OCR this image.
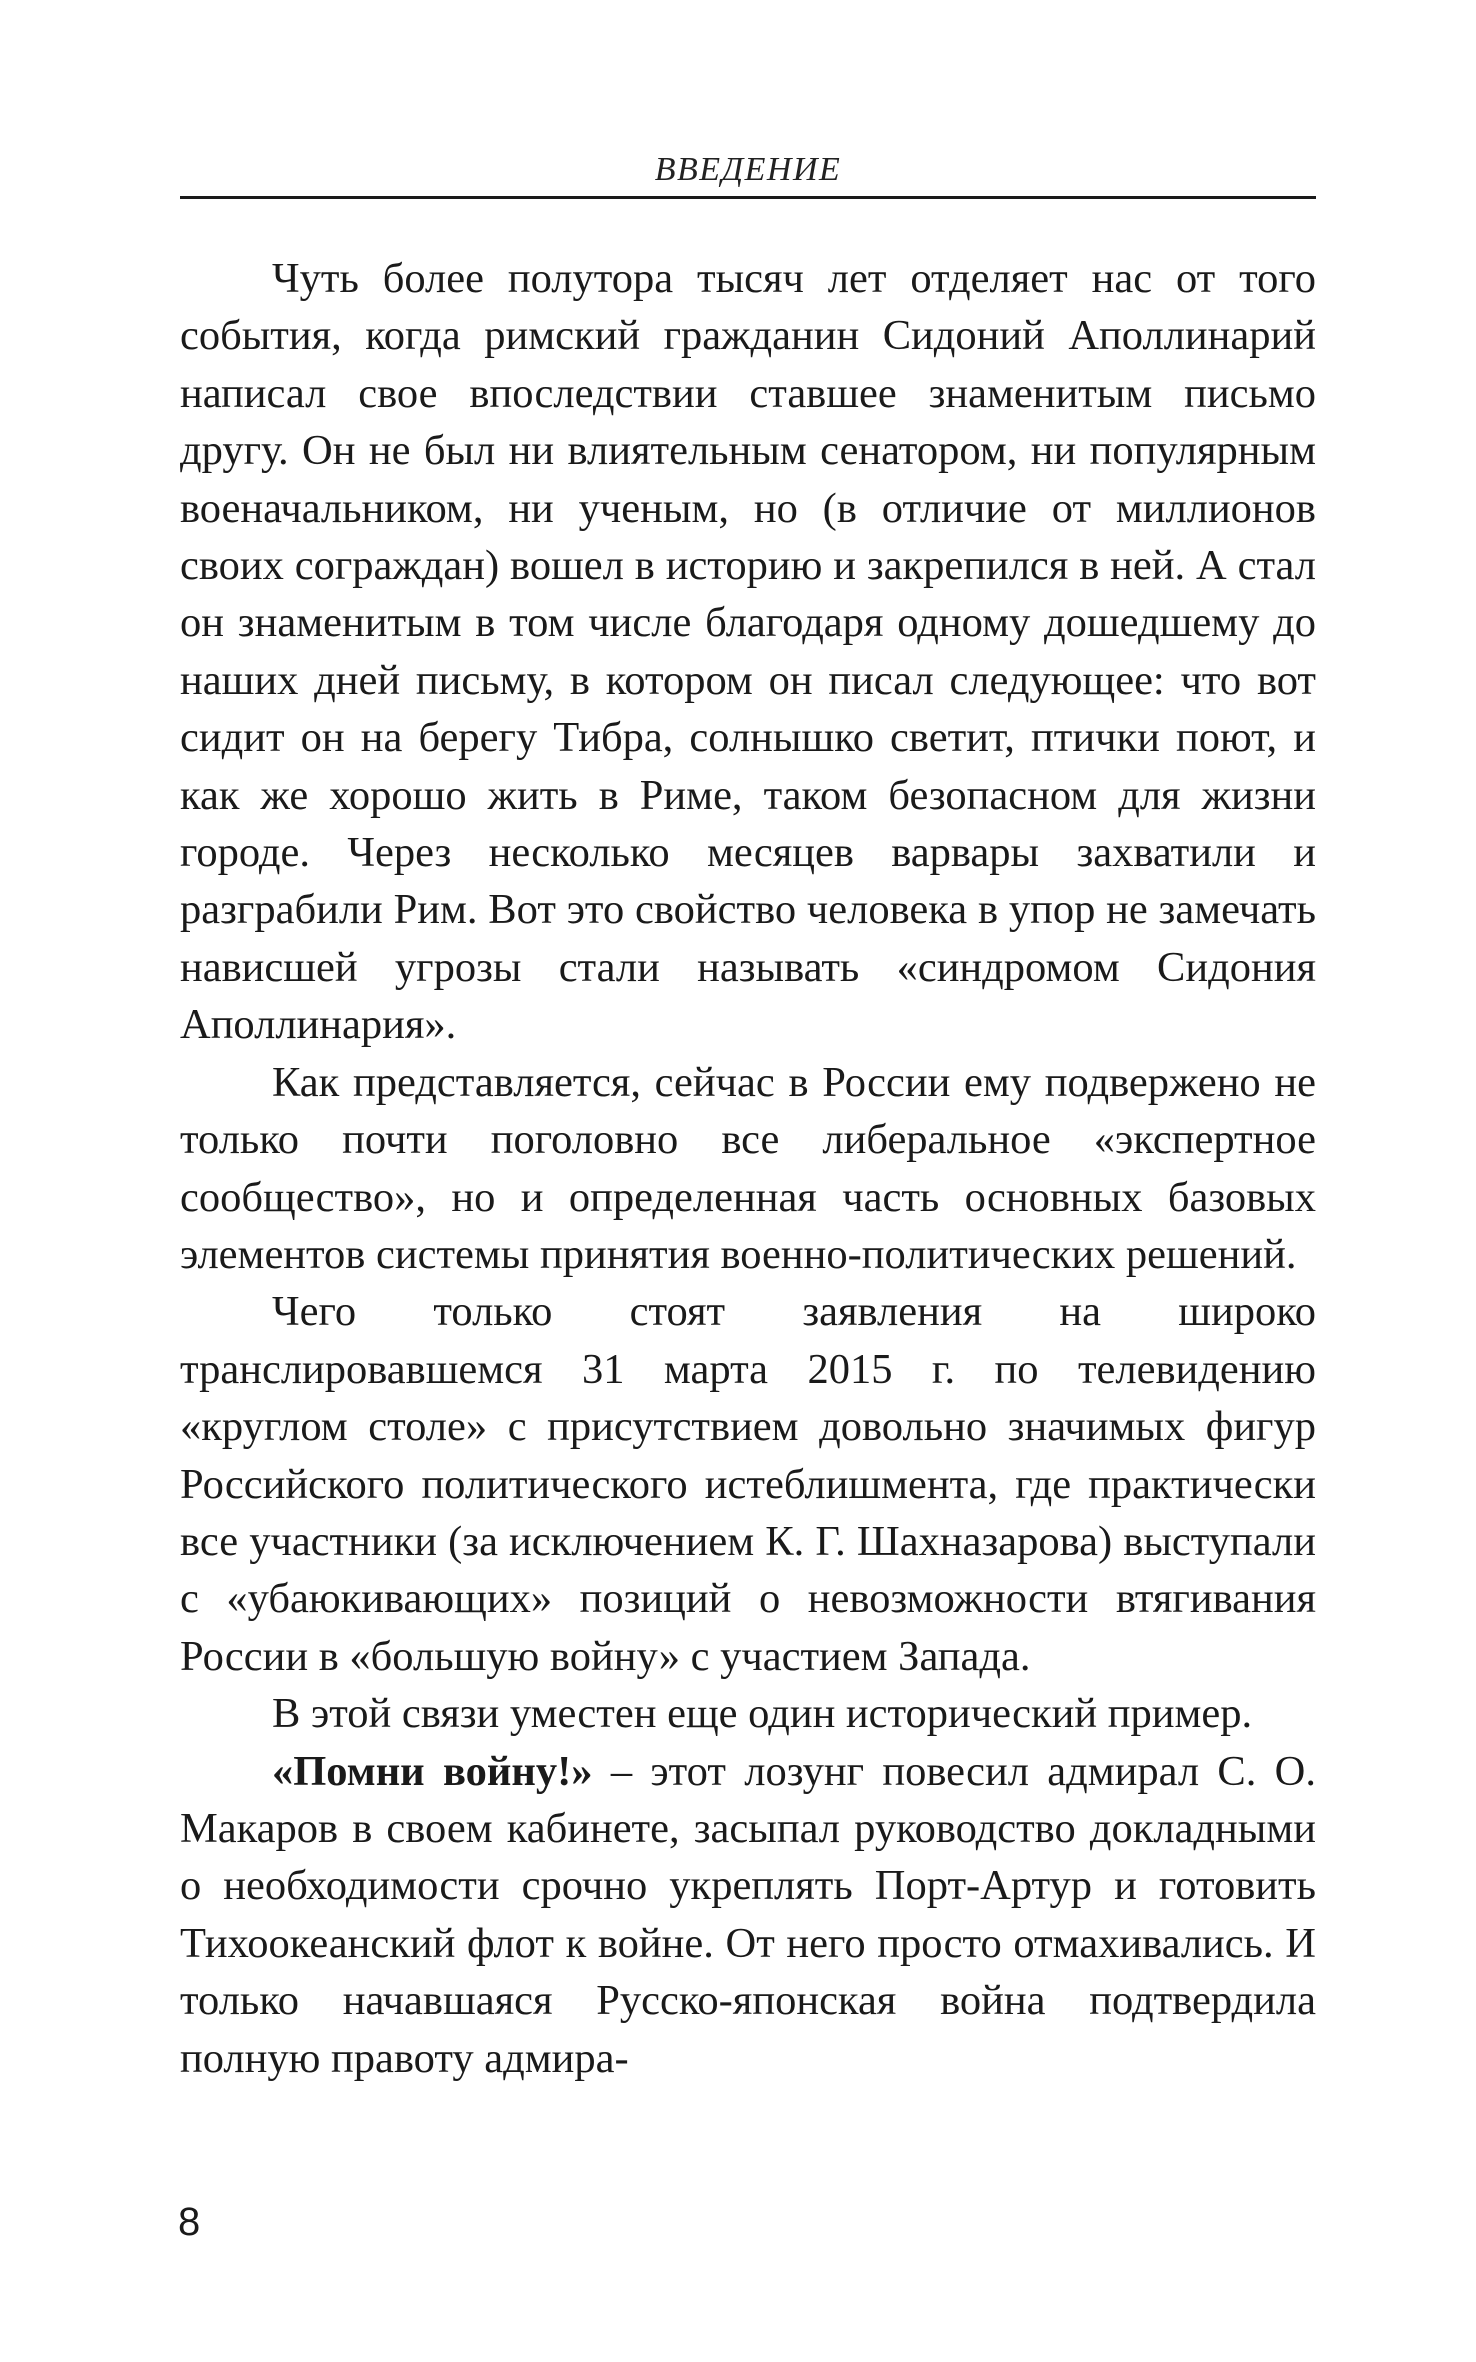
ВВЕДЕНИЕ

Чуть более полутора тысяч лет отделяет нас от того события, когда римский гражданин Сидоний Аполлинарий написал свое впоследствии ставшее знаменитым письмо другу. Он не был ни влиятельным сенатором, ни популярным военачальником, ни ученым, но (в отличие от миллионов своих сограждан) вошел в историю и закрепился в ней. А стал он знаменитым в том числе благодаря одному дошедшему до наших дней письму, в котором он писал следующее: что вот сидит он на берегу Тибра, солнышко светит, птички поют, и как же хорошо жить в Риме, таком безопасном для жизни городе. Через несколько месяцев варвары захватили и разграбили Рим. Вот это свойство человека в упор не замечать нависшей угрозы стали называть «синдромом Сидония Аполлинария».

Как представляется, сейчас в России ему подвержено не только почти поголовно все либеральное «экспертное сообщество», но и определенная часть основных базовых элементов системы принятия военно-политических решений.

Чего только стоят заявления на широко транслировавшемся 31 марта 2015 г. по телевидению «круглом столе» с присутствием довольно значимых фигур Российского политического истеблишмента, где практически все участники (за исключением К. Г. Шахназарова) выступали с «убаюкивающих» позиций о невозможности втягивания России в «большую войну» с участием Запада.

В этой связи уместен еще один исторический пример.

«Помни войну!» – этот лозунг повесил адмирал С. О. Макаров в своем кабинете, засыпал руководство докладными о необходимости срочно укреплять Порт-Артур и готовить Тихоокеанский флот к войне. От него просто отмахивались. И только начавшаяся Русско-японская война подтвердила полную правоту адмира-

8
